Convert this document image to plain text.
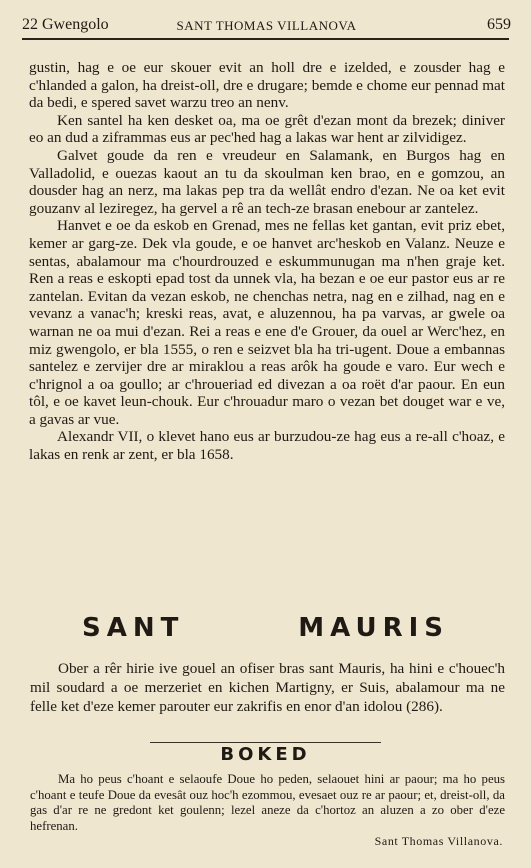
22 Gwengolo	SANT THOMAS VILLANOVA	659

gustin, hag e oe eur skouer evit an holl dre e izelded, e zousder hag e c'hlanded a galon, ha dreist-oll, dre e drugare; bemde e chome eur pennad mat da bedi, e spered savet warzu treo an nenv.

Ken santel ha ken desket oa, ma oe grêt d'ezan mont da brezek; diniver eo an dud a ziframmas eus ar pec'hed hag a lakas war hent ar zilvidigez.

Galvet goude da ren e vreudeur en Salamank, en Burgos hag en Valladolid, e ouezas kaout an tu da skoulman ken brao, en e gomzou, an dousder hag an nerz, ma lakas pep tra da wellât endro d'ezan. Ne oa ket evit gouzanv al leziregez, ha gervel a rê an tech-ze brasan enebour ar zantelez.

Hanvet e oe da eskob en Grenad, mes ne fellas ket gantan, evit priz ebet, kemer ar garg-ze. Dek vla goude, e oe hanvet arc'heskob en Valanz. Neuze e sentas, abalamour ma c'hourdrouzed e eskummunugan ma n'hen graje ket. Ren a reas e eskopti epad tost da unnek vla, ha bezan e oe eur pastor eus ar re zantelan. Evitan da vezan eskob, ne chenchas netra, nag en e zilhad, nag en e vevanz a vanac'h; kreski reas, avat, e aluzennou, ha pa varvas, ar gwele oa warnan ne oa mui d'ezan. Rei a reas e ene d'e Grouer, da ouel ar Werc'hez, en miz gwengolo, er bla 1555, o ren e seizvet bla ha tri-ugent. Doue a embannas santelez e zervijer dre ar miraklou a reas arôk ha goude e varo. Eur wech e c'hrignol a oa goullo; ar c'hroueriad ed divezan a oa roët d'ar paour. En eun tôl, e oe kavet leun-chouk. Eur c'hrouadur maro o vezan bet douget war e ve, a gavas ar vue.

Alexandr VII, o klevet hano eus ar burzudou-ze hag eus a re-all c'hoaz, e lakas en renk ar zent, er bla 1658.

SANT	MAURIS

Ober a rêr hirie ive gouel an ofiser bras sant Mauris, ha hini e c'houec'h mil soudard a oe merzeriet en kichen Martigny, er Suis, abalamour ma ne felle ket d'eze kemer parouter eur zakrifis en enor d'an idolou (286).

BOKED

Ma ho peus c'hoant e selaoufe Doue ho peden, selaouet hini ar paour; ma ho peus c'hoant e teufe Doue da evesât ouz hoc'h ezommou, evesaet ouz re ar paour; et, dreist-oll, da gas d'ar re ne gredont ket goulenn; lezel aneze da c'hortoz an aluzen a zo ober d'eze hefrenan.

Sant Thomas Villanova.
